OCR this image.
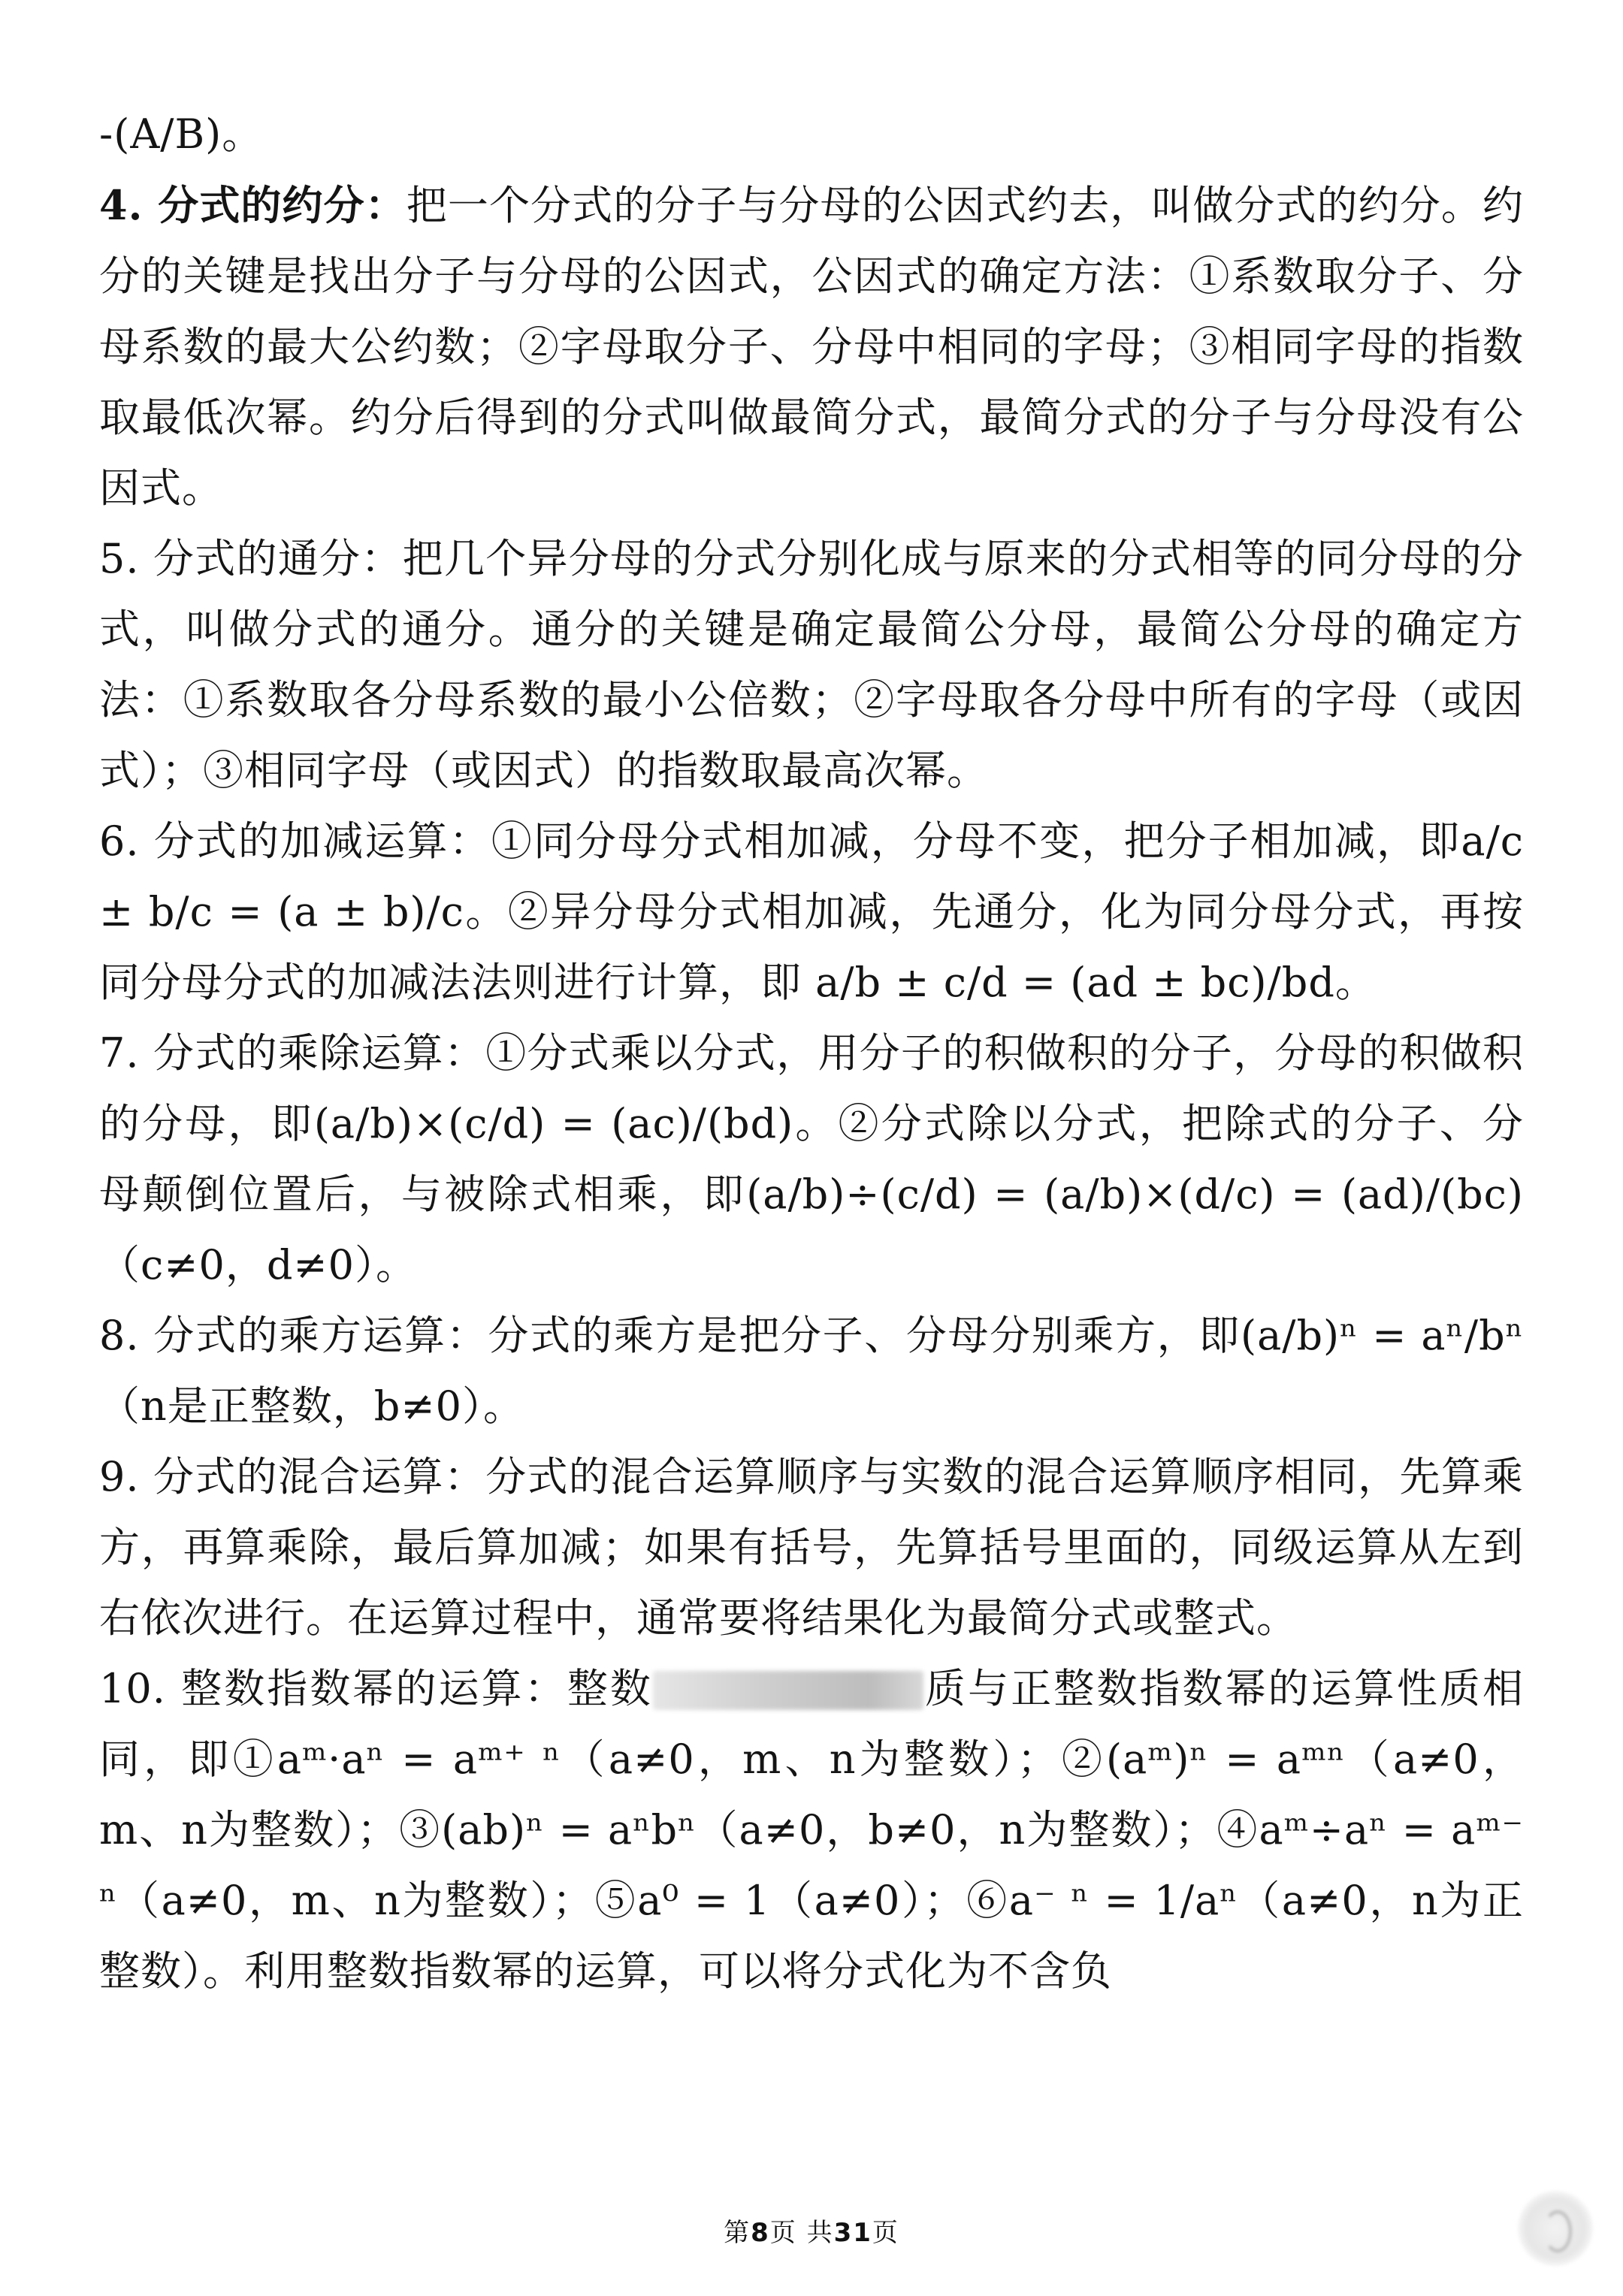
-(A/B)。

4. 分式的约分：把一个分式的分子与分母的公因式约去，叫做分式的约分。约分的关键是找出分子与分母的公因式，公因式的确定方法：①系数取分子、分母系数的最大公约数；②字母取分子、分母中相同的字母；③相同字母的指数取最低次幂。约分后得到的分式叫做最简分式，最简分式的分子与分母没有公因式。

5. 分式的通分：把几个异分母的分式分别化成与原来的分式相等的同分母的分式，叫做分式的通分。通分的关键是确定最简公分母，最简公分母的确定方法：①系数取各分母系数的最小公倍数；②字母取各分母中所有的字母（或因式）；③相同字母（或因式）的指数取最高次幂。

6. 分式的加减运算：①同分母分式相加减，分母不变，把分子相加减，即a/c ± b/c = (a ± b)/c。②异分母分式相加减，先通分，化为同分母分式，再按同分母分式的加减法法则进行计算，即 a/b ± c/d = (ad ± bc)/bd。

7. 分式的乘除运算：①分式乘以分式，用分子的积做积的分子，分母的积做积的分母，即(a/b)×(c/d) = (ac)/(bd)。②分式除以分式，把除式的分子、分母颠倒位置后，与被除式相乘，即(a/b)÷(c/d) = (a/b)×(d/c) = (ad)/(bc)（c≠0，d≠0）。

8. 分式的乘方运算：分式的乘方是把分子、分母分别乘方，即(a/b)ⁿ = aⁿ/bⁿ（n是正整数，b≠0）。

9. 分式的混合运算：分式的混合运算顺序与实数的混合运算顺序相同，先算乘方，再算乘除，最后算加减；如果有括号，先算括号里面的，同级运算从左到右依次进行。在运算过程中，通常要将结果化为最简分式或整式。

10. 整数指数幂的运算：整数	质与正整数指数幂的运算性质相同，即①aᵐ·aⁿ = aᵐ⁺ ⁿ（a≠0，m、n为整数）；②(aᵐ)ⁿ = aᵐⁿ（a≠0，m、n为整数）；③(ab)ⁿ = aⁿbⁿ（a≠0，b≠0，n为整数）；④aᵐ÷aⁿ = aᵐ⁻ ⁿ（a≠0，m、n为整数）；⑤a⁰ = 1（a≠0）；⑥a⁻ ⁿ = 1/aⁿ（a≠0，n为正整数）。利用整数指数幂的运算，可以将分式化为不含负

第8页 共31页
